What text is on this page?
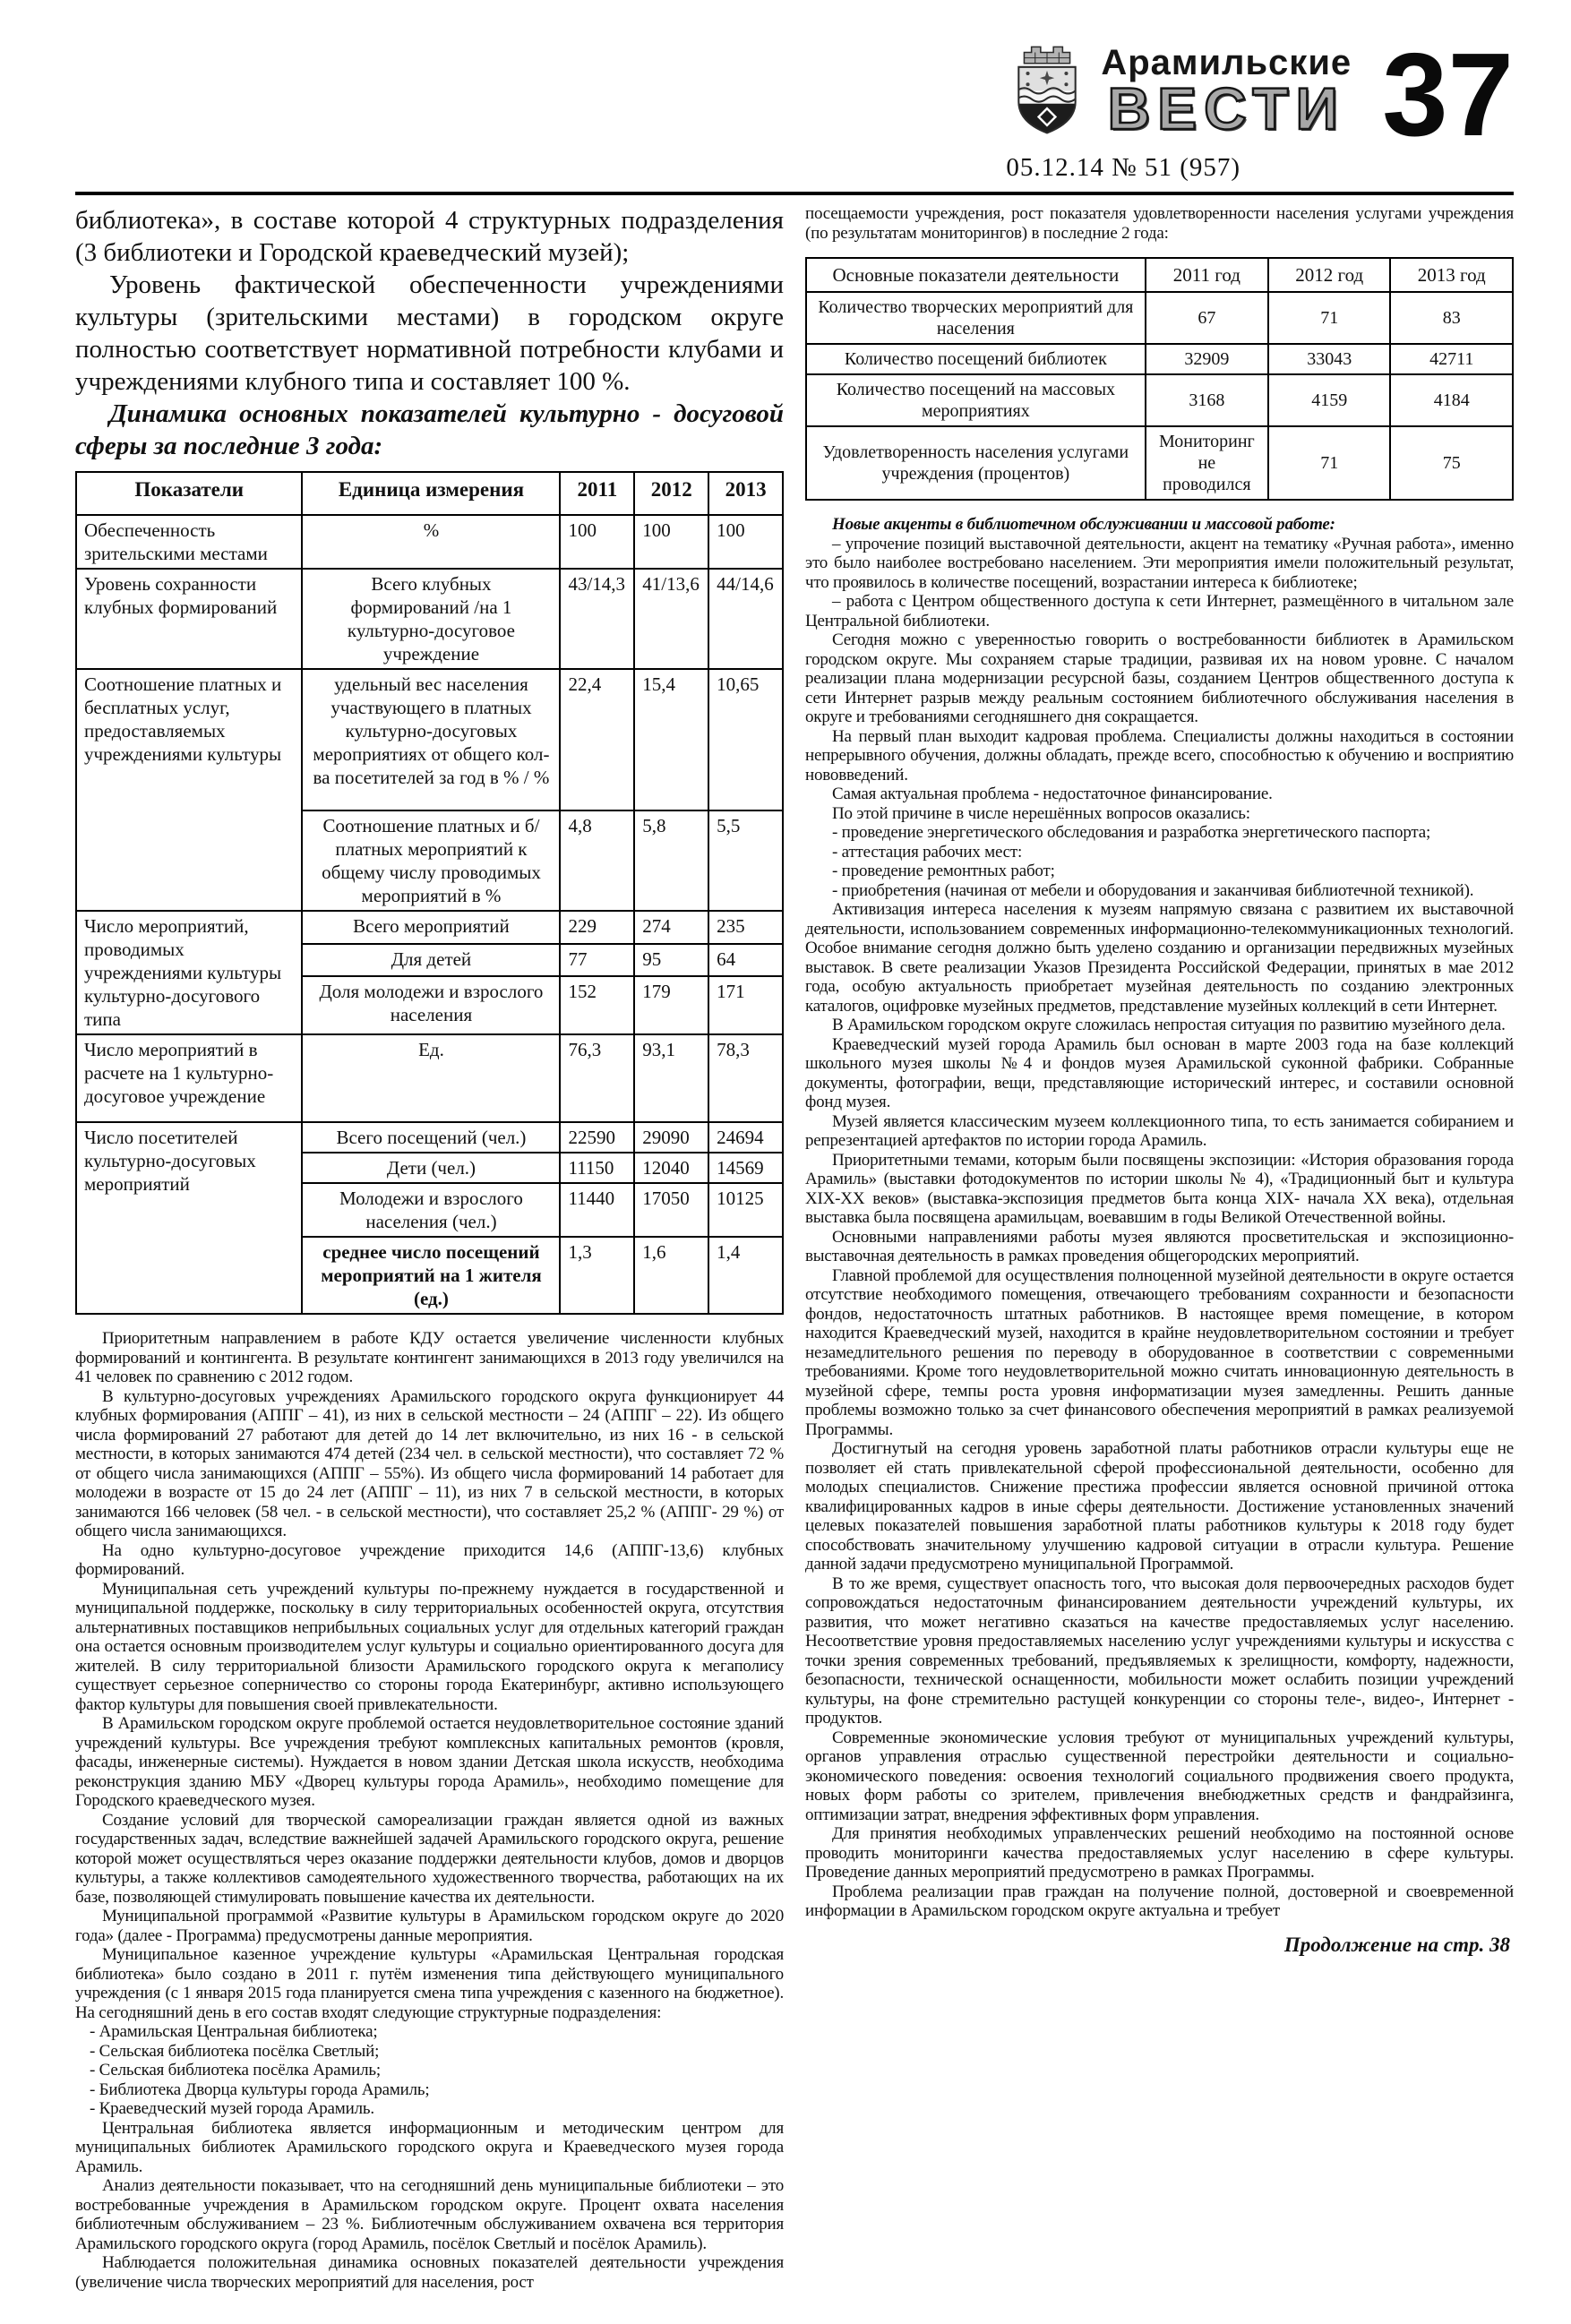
Арамильские
ВЕСТИ
05.12.14 № 51 (957)
37

библиотека», в составе которой 4 структурных подразделения (3 библиотеки и Городской краеведческий музей);

Уровень фактической обеспеченности учреждениями культуры (зрительскими местами) в городском округе полностью соответствует нормативной потребности клубами и учреждениями клубного типа и составляет 100 %.

Динамика основных показателей культурно - досуговой сферы за последние 3 года:

Показатели	Единица измерения	2011	2012	2013
Обеспеченность зрительскими местами	%	100	100	100
Уровень сохранности клубных формирований	Всего клубных формирований /на 1 культурно-досуговое учреждение	43/14,3	41/13,6	44/14,6
Соотношение платных и бесплатных услуг, предоставляемых учреждениями культуры	удельный вес населения участвующего в платных культурно-досуговых мероприятиях от общего кол-ва посетителей за год в % / %	22,4	15,4	10,65
	Соотношение платных и б/платных мероприятий к общему числу проводимых мероприятий в %	4,8	5,8	5,5
Число мероприятий, проводимых учреждениями культуры культурно-досугового типа	Всего мероприятий	229	274	235
	Для детей	77	95	64
	Доля молодежи и взрослого населения	152	179	171
Число мероприятий в расчете на 1 культурно-досуговое учреждение	Ед.	76,3	93,1	78,3
Число посетителей культурно-досуговых мероприятий	Всего посещений (чел.)	22590	29090	24694
	Дети (чел.)	11150	12040	14569
	Молодежи и взрослого населения (чел.)	11440	17050	10125
	среднее число посещений мероприятий на 1 жителя (ед.)	1,3	1,6	1,4

Приоритетным направлением в работе КДУ остается увеличение численности клубных формирований и контингента. В результате контингент занимающихся в 2013 году увеличился на 41 человек по сравнению с 2012 годом.

В культурно-досуговых учреждениях Арамильского городского округа функционирует 44 клубных формирования (АППГ – 41), из них в сельской местности – 24 (АППГ – 22). Из общего числа формирований 27 работают для детей до 14 лет включительно, из них 16 - в сельской местности, в которых занимаются 474 детей (234 чел. в сельской местности), что составляет 72 % от общего числа занимающихся (АППГ – 55%). Из общего числа формирований 14 работает для молодежи в возрасте от 15 до 24 лет (АППГ – 11), из них 7 в сельской местности, в которых занимаются 166 человек (58 чел. - в сельской местности), что составляет 25,2 % (АППГ- 29 %) от общего числа занимающихся.

На одно культурно-досуговое учреждение приходится 14,6 (АППГ-13,6) клубных формирований.

Муниципальная сеть учреждений культуры по-прежнему нуждается в государственной и муниципальной поддержке, поскольку в силу территориальных особенностей округа, отсутствия альтернативных поставщиков неприбыльных социальных услуг для отдельных категорий граждан она остается основным производителем услуг культуры и социально ориентированного досуга для жителей. В силу территориальной близости Арамильского городского округа к мегаполису существует серьезное соперничество со стороны города Екатеринбург, активно использующего фактор культуры для повышения своей привлекательности.

В Арамильском городском округе проблемой остается неудовлетворительное состояние зданий учреждений культуры. Все учреждения требуют комплексных капитальных ремонтов (кровля, фасады, инженерные системы). Нуждается в новом здании Детская школа искусств, необходима реконструкция зданию МБУ «Дворец культуры города Арамиль», необходимо помещение для Городского краеведческого музея.

Создание условий для творческой самореализации граждан является одной из важных государственных задач, вследствие важнейшей задачей Арамильского городского округа, решение которой может осуществляться через оказание поддержки деятельности клубов, домов и дворцов культуры, а также коллективов самодеятельного художественного творчества, работающих на их базе, позволяющей стимулировать повышение качества их деятельности.

Муниципальной программой «Развитие культуры в Арамильском городском округе до 2020 года» (далее - Программа) предусмотрены данные мероприятия.

Муниципальное казенное учреждение культуры «Арамильская Центральная городская библиотека» было создано в 2011 г. путём изменения типа действующего муниципального учреждения (с 1 января 2015 года планируется смена типа учреждения с казенного на бюджетное). На сегодняшний день в его состав входят следующие структурные подразделения:

- Арамильская Центральная библиотека;

- Сельская библиотека посёлка Светлый;

- Сельская библиотека посёлка Арамиль;

- Библиотека Дворца культуры города Арамиль;

- Краеведческий музей города Арамиль.

Центральная библиотека является информационным и методическим центром для муниципальных библиотек Арамильского городского округа и Краеведческого музея города Арамиль.

Анализ деятельности показывает, что на сегодняшний день муниципальные библиотеки – это востребованные учреждения в Арамильском городском округе. Процент охвата населения библиотечным обслуживанием – 23 %. Библиотечным обслуживанием охвачена вся территория Арамильского городского округа (город Арамиль, посёлок Светлый и посёлок Арамиль).

Наблюдается положительная динамика основных показателей деятельности учреждения (увеличение числа творческих мероприятий для населения, рост

посещаемости учреждения, рост показателя удовлетворенности населения услугами учреждения (по результатам мониторингов) в последние 2 года:

Основные показатели деятельности	2011 год	2012 год	2013 год
Количество творческих мероприятий для населения	67	71	83
Количество посещений библиотек	32909	33043	42711
Количество посещений на массовых мероприятиях	3168	4159	4184
Удовлетворенность населения услугами учреждения (процентов)	Мониторинг не проводился	71	75

Новые акценты в библиотечном обслуживании и массовой работе:

– упрочение позиций выставочной деятельности, акцент на тематику «Ручная работа», именно это было наиболее востребовано населением. Эти мероприятия имели положительный результат, что проявилось в количестве посещений, возрастании интереса к библиотеке;

– работа с Центром общественного доступа к сети Интернет, размещённого в читальном зале Центральной библиотеки.

Сегодня можно с уверенностью говорить о востребованности библиотек в Арамильском городском округе. Мы сохраняем старые традиции, развивая их на новом уровне. С началом реализации плана модернизации ресурсной базы, созданием Центров общественного доступа к сети Интернет разрыв между реальным состоянием библиотечного обслуживания населения в округе и требованиями сегодняшнего дня сокращается.

На первый план выходит кадровая проблема. Специалисты должны находиться в состоянии непрерывного обучения, должны обладать, прежде всего, способностью к обучению и восприятию нововведений.

Самая актуальная проблема - недостаточное финансирование.

По этой причине в числе нерешённых вопросов оказались:

- проведение энергетического обследования и разработка энергетического паспорта;

- аттестация рабочих мест:

- проведение ремонтных работ;

- приобретения (начиная от мебели и оборудования и заканчивая библиотечной техникой).

Активизация интереса населения к музеям напрямую связана с развитием их выставочной деятельности, использованием современных информационно-телекоммуникационных технологий. Особое внимание сегодня должно быть уделено созданию и организации передвижных музейных выставок. В свете реализации Указов Президента Российской Федерации, принятых в мае 2012 года, особую актуальность приобретает музейная деятельность по созданию электронных каталогов, оцифровке музейных предметов, представление музейных коллекций в сети Интернет.

В Арамильском городском округе сложилась непростая ситуация по развитию музейного дела.

Краеведческий музей города Арамиль был основан в марте 2003 года на базе коллекций школьного музея школы №4 и фондов музея Арамильской суконной фабрики. Собранные документы, фотографии, вещи, представляющие исторический интерес, и составили основной фонд музея.

Музей является классическим музеем коллекционного типа, то есть занимается собиранием и репрезентацией артефактов по истории города Арамиль.

Приоритетными темами, которым были посвящены экспозиции: «История образования города Арамиль» (выставки фотодокументов по истории школы № 4), «Традиционный быт и культура XIX-XX веков» (выставка-экспозиция предметов быта конца XIX- начала XX века), отдельная выставка была посвящена арамильцам, воевавшим в годы Великой Отечественной войны.

Основными направлениями работы музея являются просветительская и экспозиционно-выставочная деятельность в рамках проведения общегородских мероприятий.

Главной проблемой для осуществления полноценной музейной деятельности в округе остается отсутствие необходимого помещения, отвечающего требованиям сохранности и безопасности фондов, недостаточность штатных работников. В настоящее время помещение, в котором находится Краеведческий музей, находится в крайне неудовлетворительном состоянии и требует незамедлительного решения по переводу в оборудованное в соответствии с современными требованиями. Кроме того неудовлетворительной можно считать инновационную деятельность в музейной сфере, темпы роста уровня информатизации музея замедленны. Решить данные проблемы возможно только за счет финансового обеспечения мероприятий в рамках реализуемой Программы.

Достигнутый на сегодня уровень заработной платы работников отрасли культуры еще не позволяет ей стать привлекательной сферой профессиональной деятельности, особенно для молодых специалистов. Снижение престижа профессии является основной причиной оттока квалифицированных кадров в иные сферы деятельности. Достижение установленных значений целевых показателей повышения заработной платы работников культуры к 2018 году будет способствовать значительному улучшению кадровой ситуации в отрасли культура. Решение данной задачи предусмотрено муниципальной Программой.

В то же время, существует опасность того, что высокая доля первоочередных расходов будет сопровождаться недостаточным финансированием деятельности учреждений культуры, их развития, что может негативно сказаться на качестве предоставляемых услуг населению. Несоответствие уровня предоставляемых населению услуг учреждениями культуры и искусства с точки зрения современных требований, предъявляемых к зрелищности, комфорту, надежности, безопасности, технической оснащенности, мобильности может ослабить позиции учреждений культуры, на фоне стремительно растущей конкуренции со стороны теле-, видео-, Интернет - продуктов.

Современные экономические условия требуют от муниципальных учреждений культуры, органов управления отраслью существенной перестройки деятельности и социально-экономического поведения: освоения технологий социального продвижения своего продукта, новых форм работы со зрителем, привлечения внебюджетных средств и фандрайзинга, оптимизации затрат, внедрения эффективных форм управления.

Для принятия необходимых управленческих решений необходимо на постоянной основе проводить мониторинги качества предоставляемых услуг населению в сфере культуры. Проведение данных мероприятий предусмотрено в рамках Программы.

Проблема реализации прав граждан на получение полной, достоверной и своевременной информации в Арамильском городском округе актуальна и требует

Продолжение на стр. 38
